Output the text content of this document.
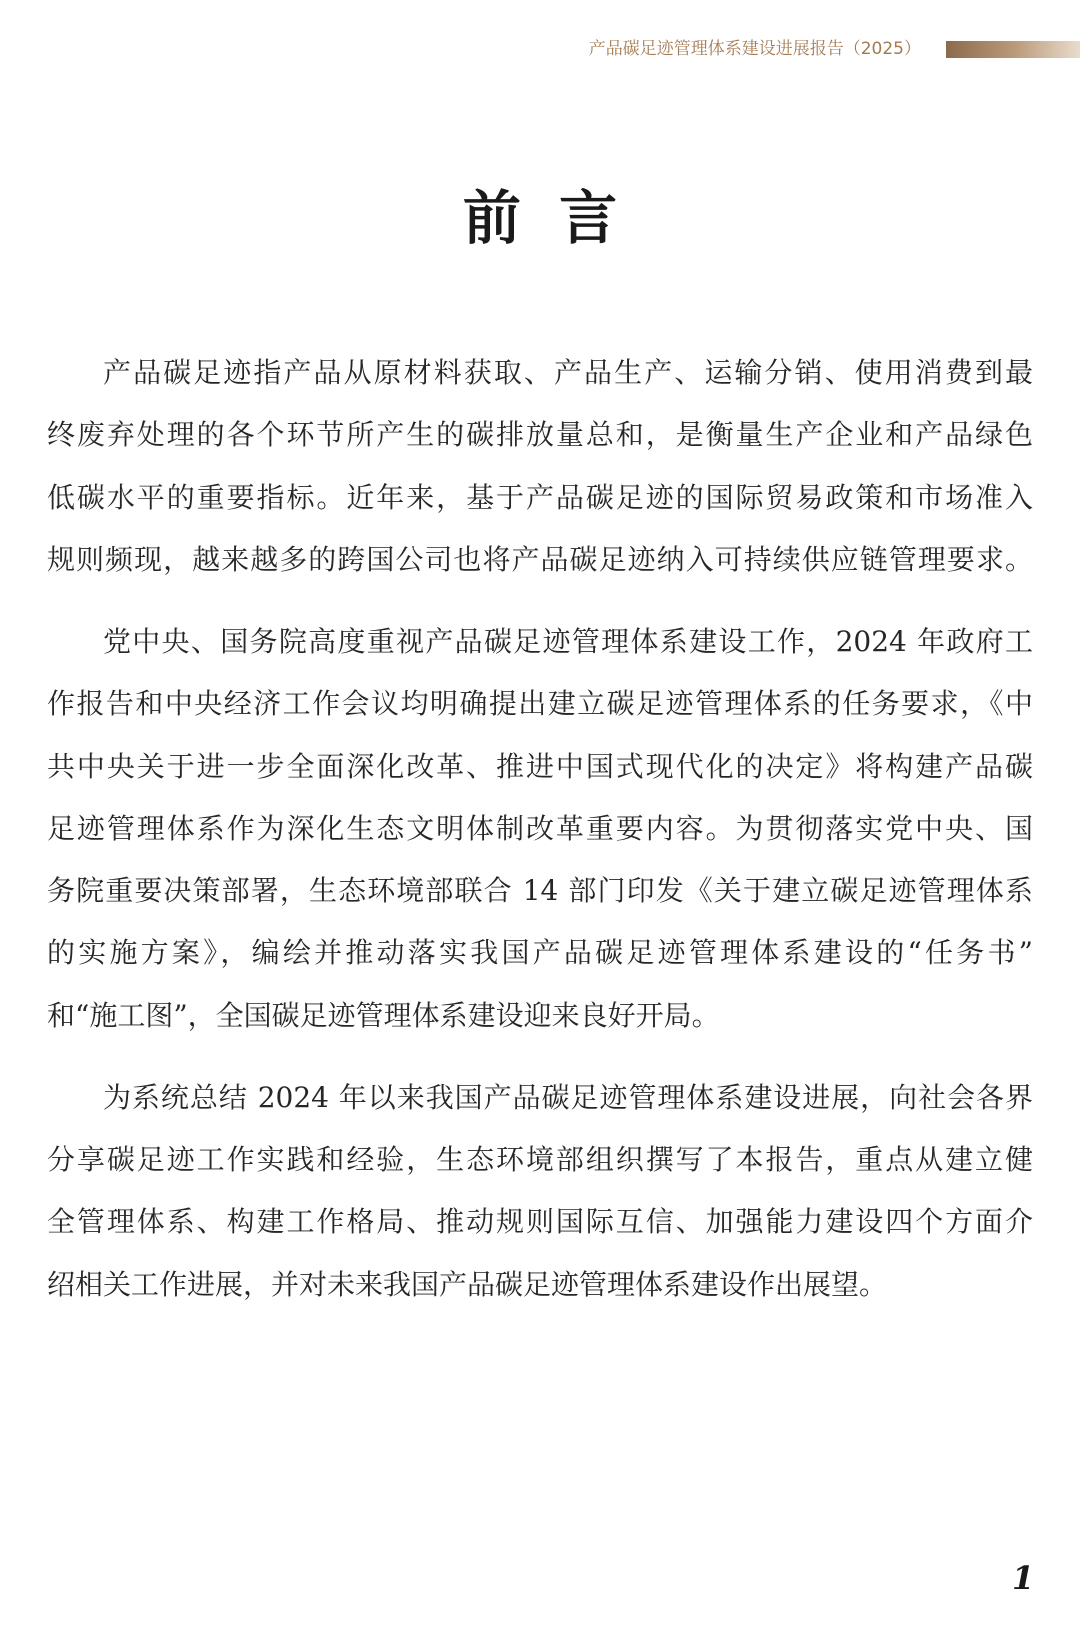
产品碳足迹管理体系建设进展报告（2025）
前 言
产品碳足迹指产品从原材料获取、产品生产、运输分销、使用消费到最
终废弃处理的各个环节所产生的碳排放量总和，是衡量生产企业和产品绿色
低碳水平的重要指标。近年来，基于产品碳足迹的国际贸易政策和市场准入
规则频现，越来越多的跨国公司也将产品碳足迹纳入可持续供应链管理要求。
党中央、国务院高度重视产品碳足迹管理体系建设工作，2024 年政府工
作报告和中央经济工作会议均明确提出建立碳足迹管理体系的任务要求，《中
共中央关于进一步全面深化改革、推进中国式现代化的决定》将构建产品碳
足迹管理体系作为深化生态文明体制改革重要内容。为贯彻落实党中央、国
务院重要决策部署，生态环境部联合 14 部门印发《关于建立碳足迹管理体系
的实施方案》，编绘并推动落实我国产品碳足迹管理体系建设的“任务书”
和“施工图”，全国碳足迹管理体系建设迎来良好开局。
为系统总结 2024 年以来我国产品碳足迹管理体系建设进展，向社会各界
分享碳足迹工作实践和经验，生态环境部组织撰写了本报告，重点从建立健
全管理体系、构建工作格局、推动规则国际互信、加强能力建设四个方面介
绍相关工作进展，并对未来我国产品碳足迹管理体系建设作出展望。
1
